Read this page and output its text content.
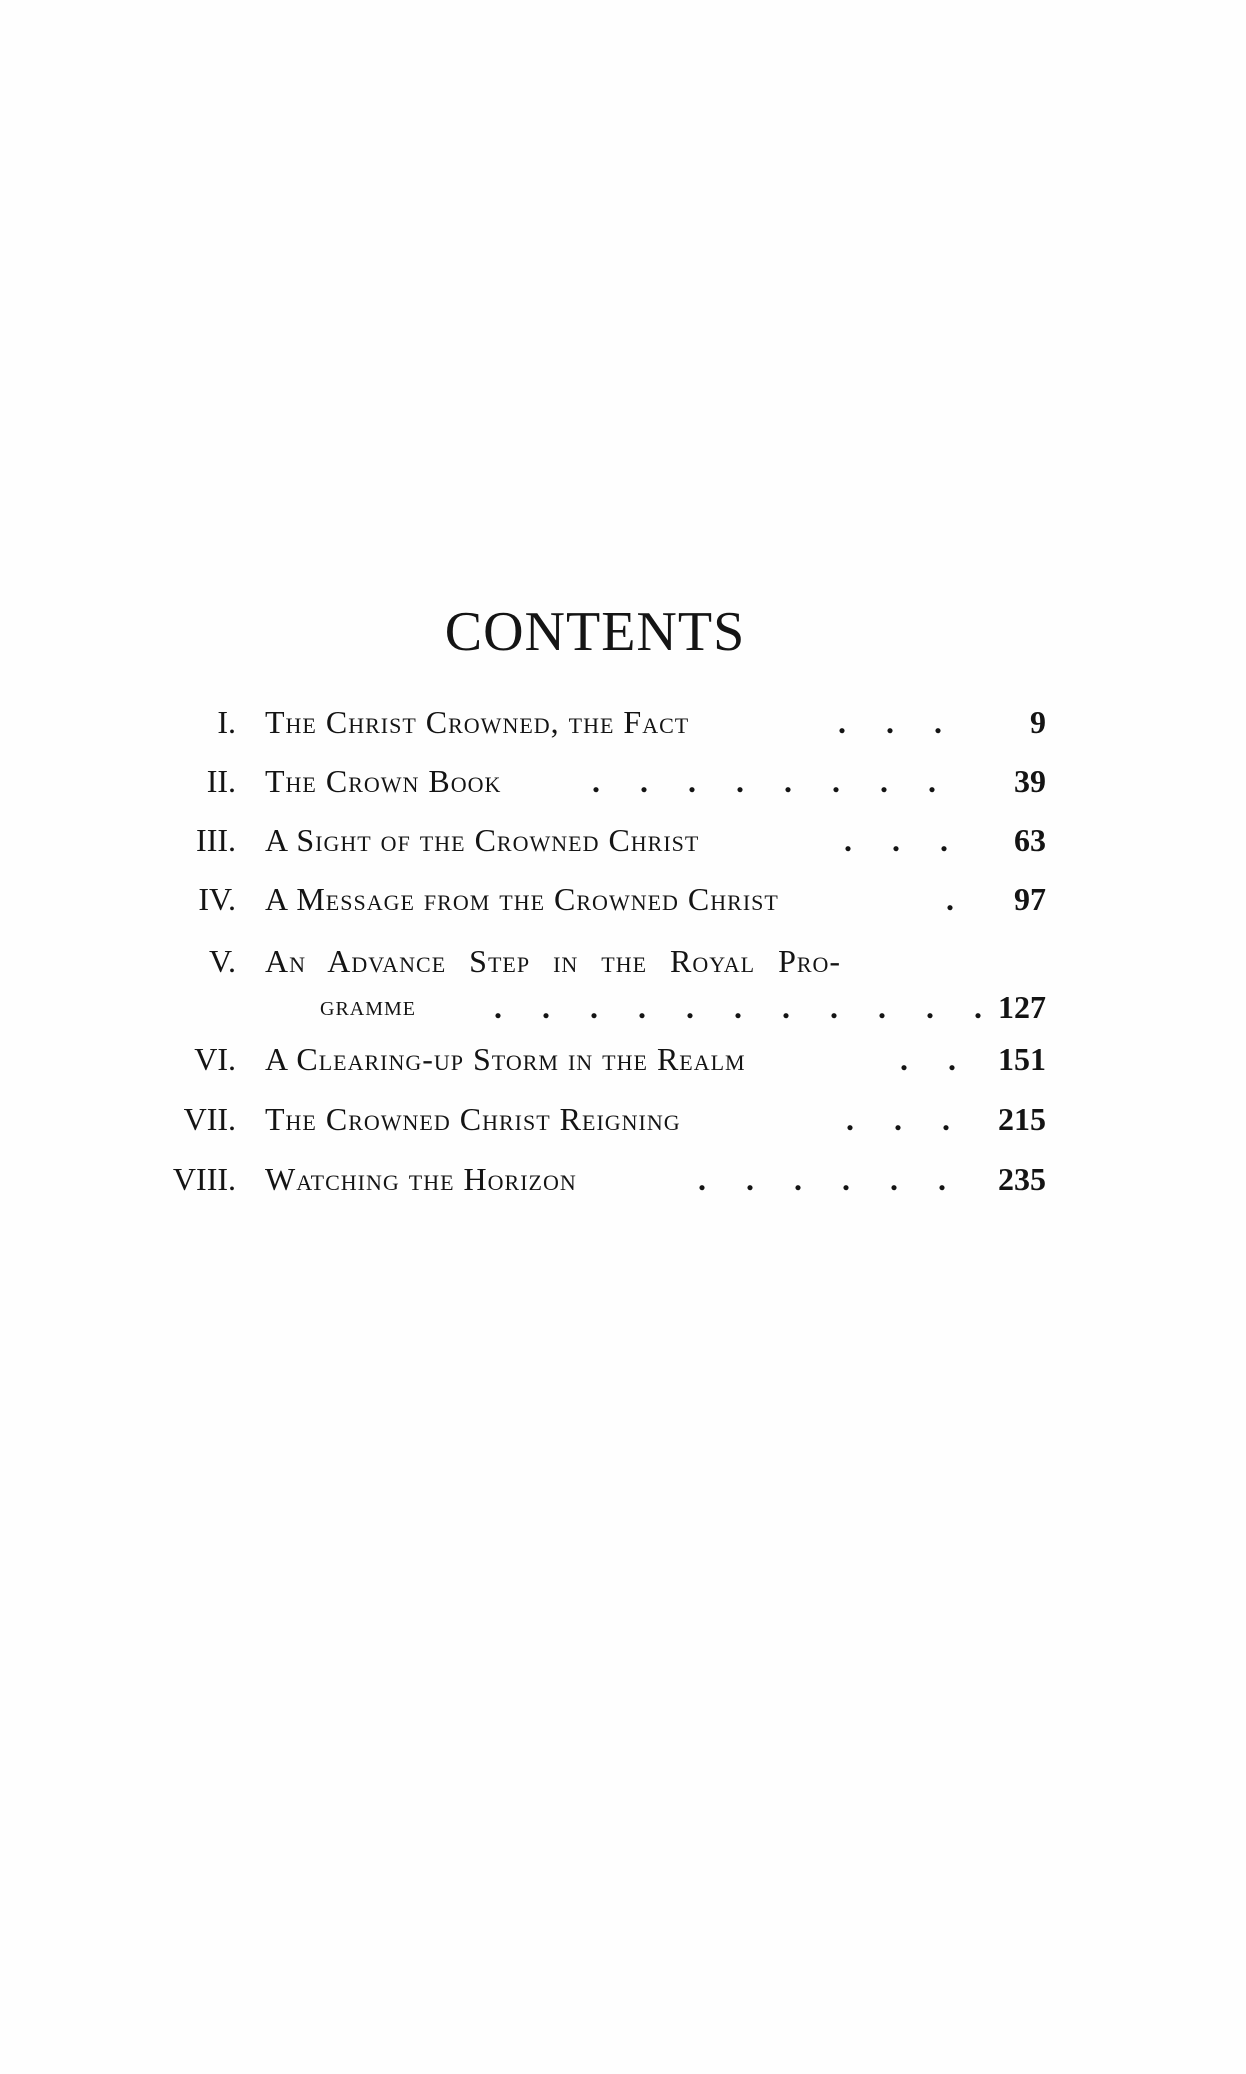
CONTENTS
I. The Christ Crowned, the Fact	. . . 9
II. The Crown Book	. . . . . . . . 39
III. A Sight of the Crowned Christ	. . . 63
IV. A Message from the Crowned Christ	. 97
V. An Advance Step in the Royal Pro-
gramme . . . . . . . . . . . 127
VI. A Clearing-up Storm in the Realm	. . 151
VII. The Crowned Christ Reigning	. . . 215
VIII. Watching the Horizon	. . . . . . 235
